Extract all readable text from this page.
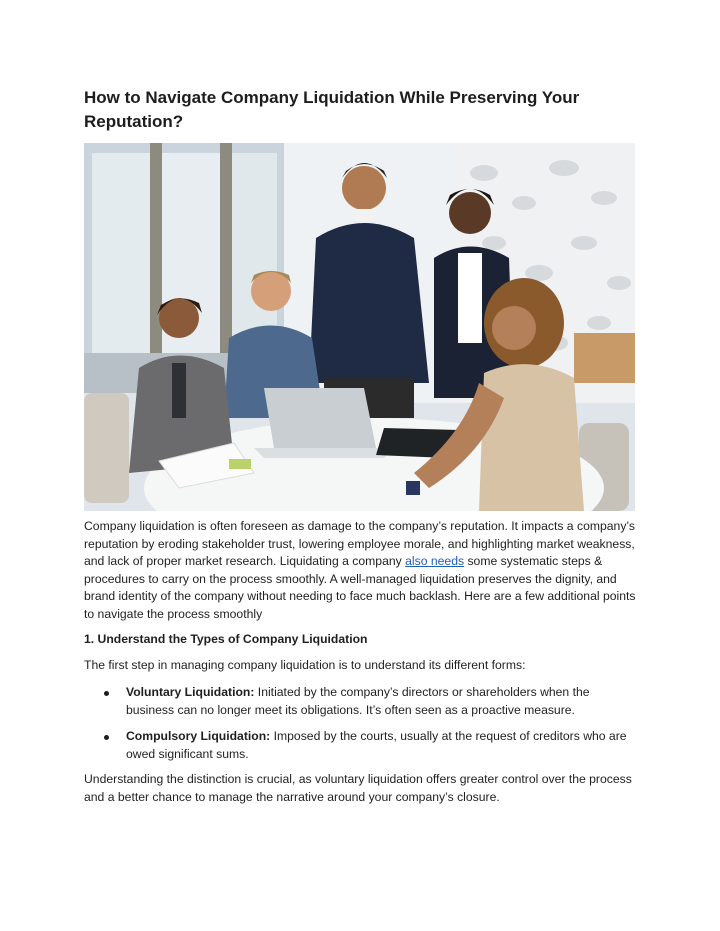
How to Navigate Company Liquidation While Preserving Your Reputation?
Company liquidation is often foreseen as damage to the company’s reputation. It impacts a company’s reputation by eroding stakeholder trust, lowering employee morale, and highlighting market weakness, and lack of proper market research. Liquidating a company also needs some systematic steps & procedures to carry on the process smoothly. A well-managed liquidation preserves the dignity, and brand identity of the company without needing to face much backlash. Here are a few additional points to navigate the process smoothly
1. Understand the Types of Company Liquidation
The first step in managing company liquidation is to understand its different forms:
Voluntary Liquidation: Initiated by the company’s directors or shareholders when the business can no longer meet its obligations. It’s often seen as a proactive measure.
Compulsory Liquidation: Imposed by the courts, usually at the request of creditors who are owed significant sums.
Understanding the distinction is crucial, as voluntary liquidation offers greater control over the process and a better chance to manage the narrative around your company’s closure.
